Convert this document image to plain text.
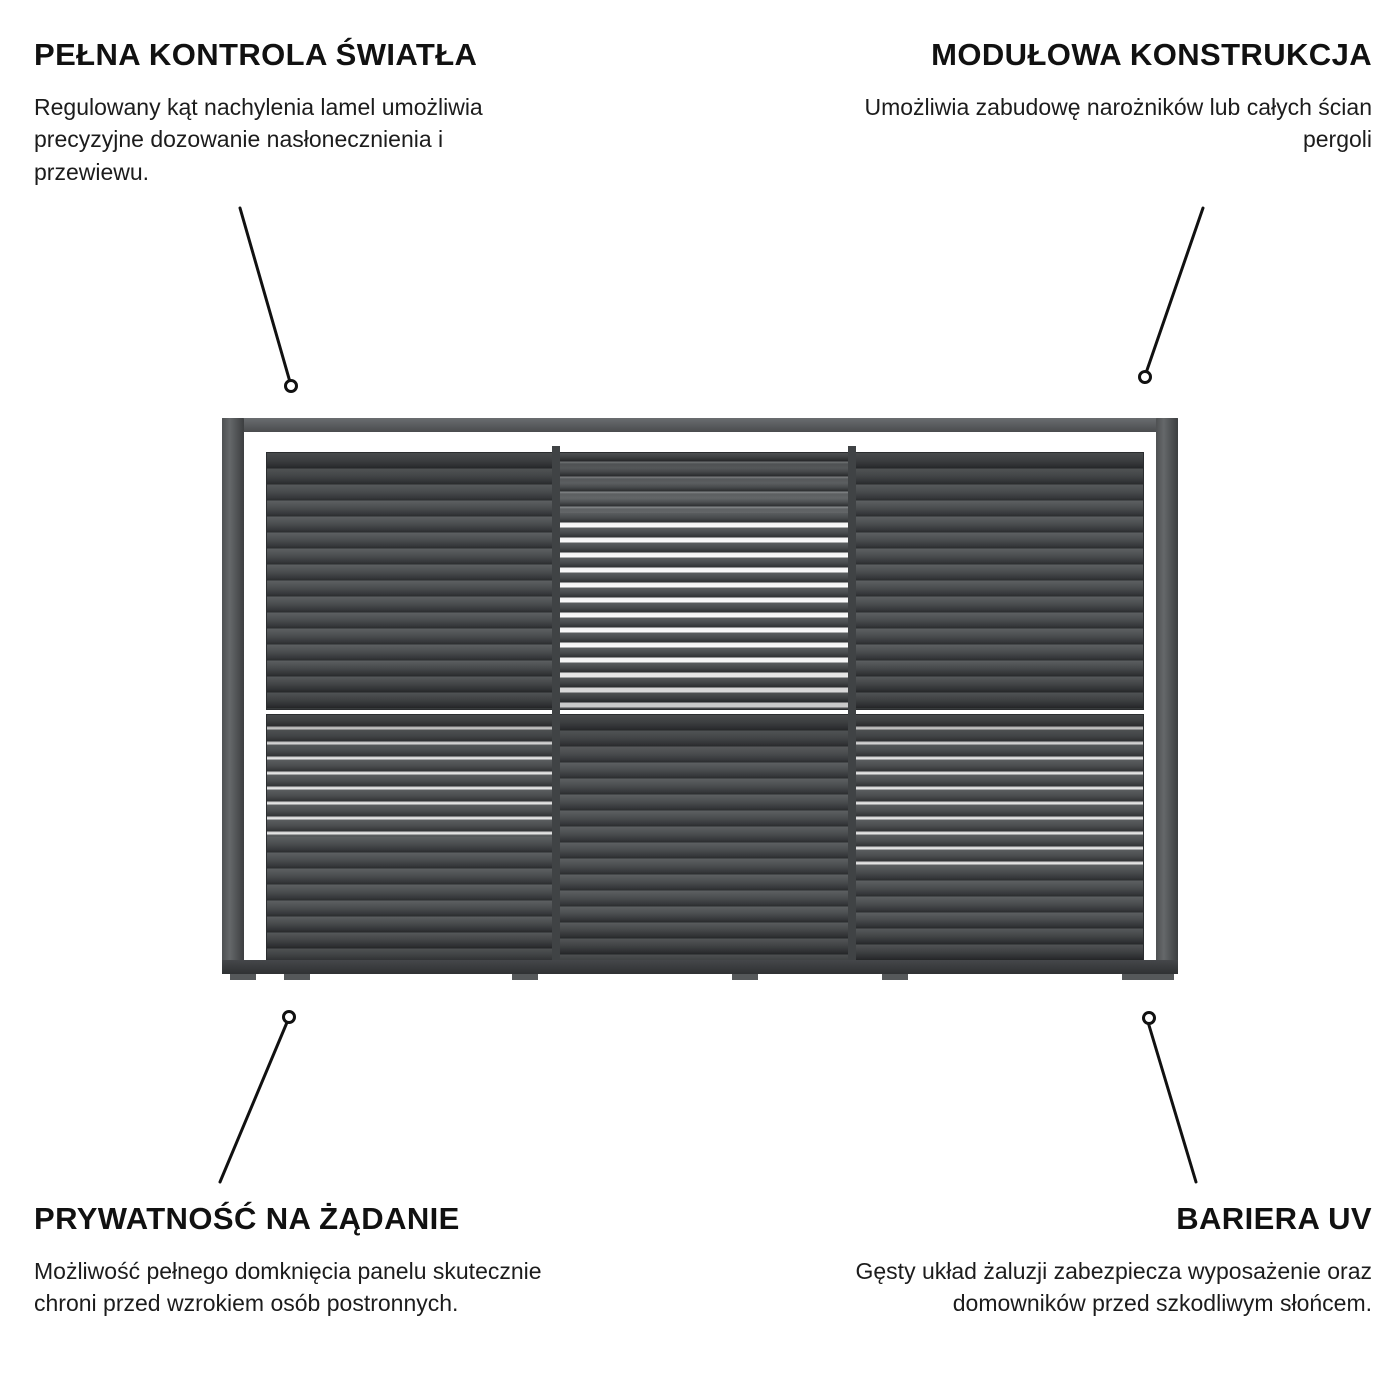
PEŁNA KONTROLA ŚWIATŁA

Regulowany kąt nachylenia lamel umożliwia precyzyjne dozowanie nasłonecznienia i przewiewu.

MODUŁOWA KONSTRUKCJA

Umożliwia zabudowę narożników lub całych ścian pergoli

PRYWATNOŚĆ NA ŻĄDANIE

Możliwość pełnego domknięcia panelu skutecznie chroni przed wzrokiem osób postronnych.

BARIERA UV

Gęsty układ żaluzji zabezpiecza wyposażenie oraz domowników przed szkodliwym słońcem.
